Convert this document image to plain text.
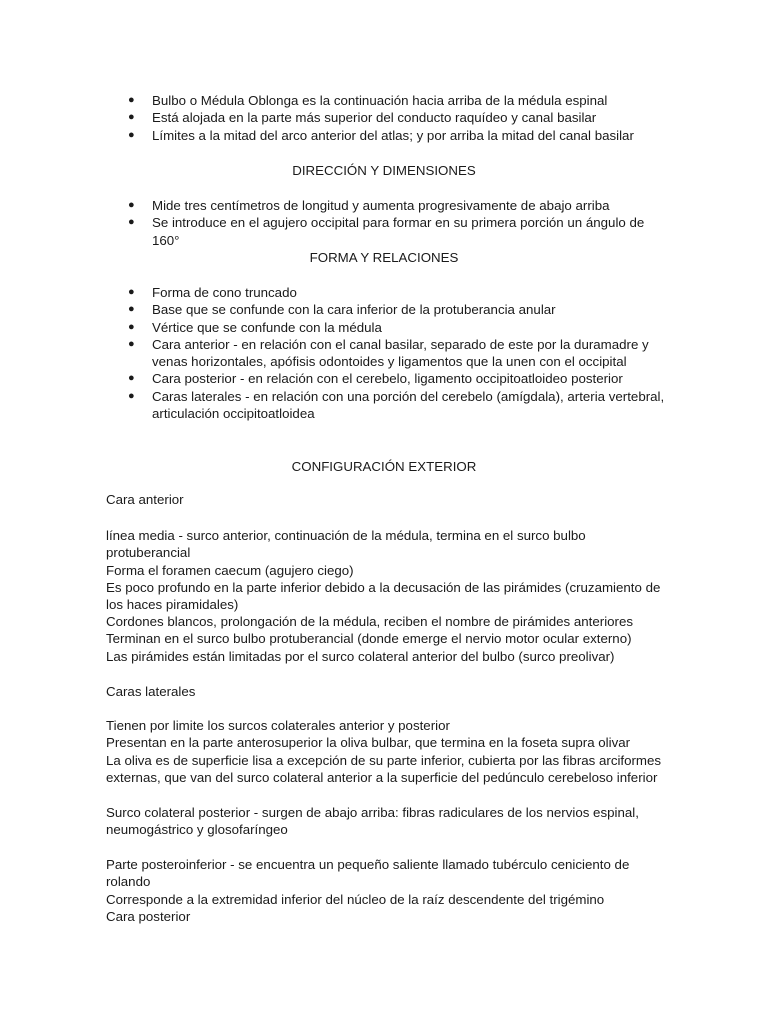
● Bulbo o Médula Oblonga es la continuación hacia arriba de la médula espinal
● Está alojada en la parte más superior del conducto raquídeo y canal basilar
● Límites a la mitad del arco anterior del atlas; y por arriba la mitad del canal basilar
DIRECCIÓN Y DIMENSIONES
● Mide tres centímetros de longitud y aumenta progresivamente de abajo arriba
● Se introduce en el agujero occipital para formar en su primera porción un ángulo de 160°
FORMA Y RELACIONES
● Forma de cono truncado
● Base que se confunde con la cara inferior de la protuberancia anular
● Vértice que se confunde con la médula
● Cara anterior - en relación con el canal basilar, separado de este por la duramadre y venas horizontales, apófisis odontoides y ligamentos que la unen con el occipital
● Cara posterior - en relación con el cerebelo, ligamento occipitoatloideo posterior
● Caras laterales - en relación con una porción del cerebelo (amígdala), arteria vertebral, articulación occipitoatloidea
CONFIGURACIÓN EXTERIOR

Cara anterior

línea media - surco anterior, continuación de la médula, termina en el surco bulbo protuberancial
Forma el foramen caecum (agujero ciego)
Es poco profundo en la parte inferior debido a la decusación de las pirámides (cruzamiento de los haces piramidales)

Cordones blancos, prolongación de la médula, reciben el nombre de pirámides anteriores
Terminan en el surco bulbo protuberancial (donde emerge el nervio motor ocular externo)
Las pirámides están limitadas por el surco colateral anterior del bulbo (surco preolivar)

Caras laterales

Tienen por limite los surcos colaterales anterior y posterior
Presentan en la parte anterosuperior la oliva bulbar, que termina en la foseta supra olivar
La oliva es de superficie lisa a excepción de su parte inferior, cubierta por las fibras arciformes externas, que van del surco colateral anterior a la superficie del pedúnculo cerebeloso inferior

Surco colateral posterior - surgen de abajo arriba: fibras radiculares de los nervios espinal, neumogástrico y glosofaríngeo

Parte posteroinferior - se encuentra un pequeño saliente llamado tubérculo ceniciento de rolando
Corresponde a la extremidad inferior del núcleo de la raíz descendente del trigémino

Cara posterior
